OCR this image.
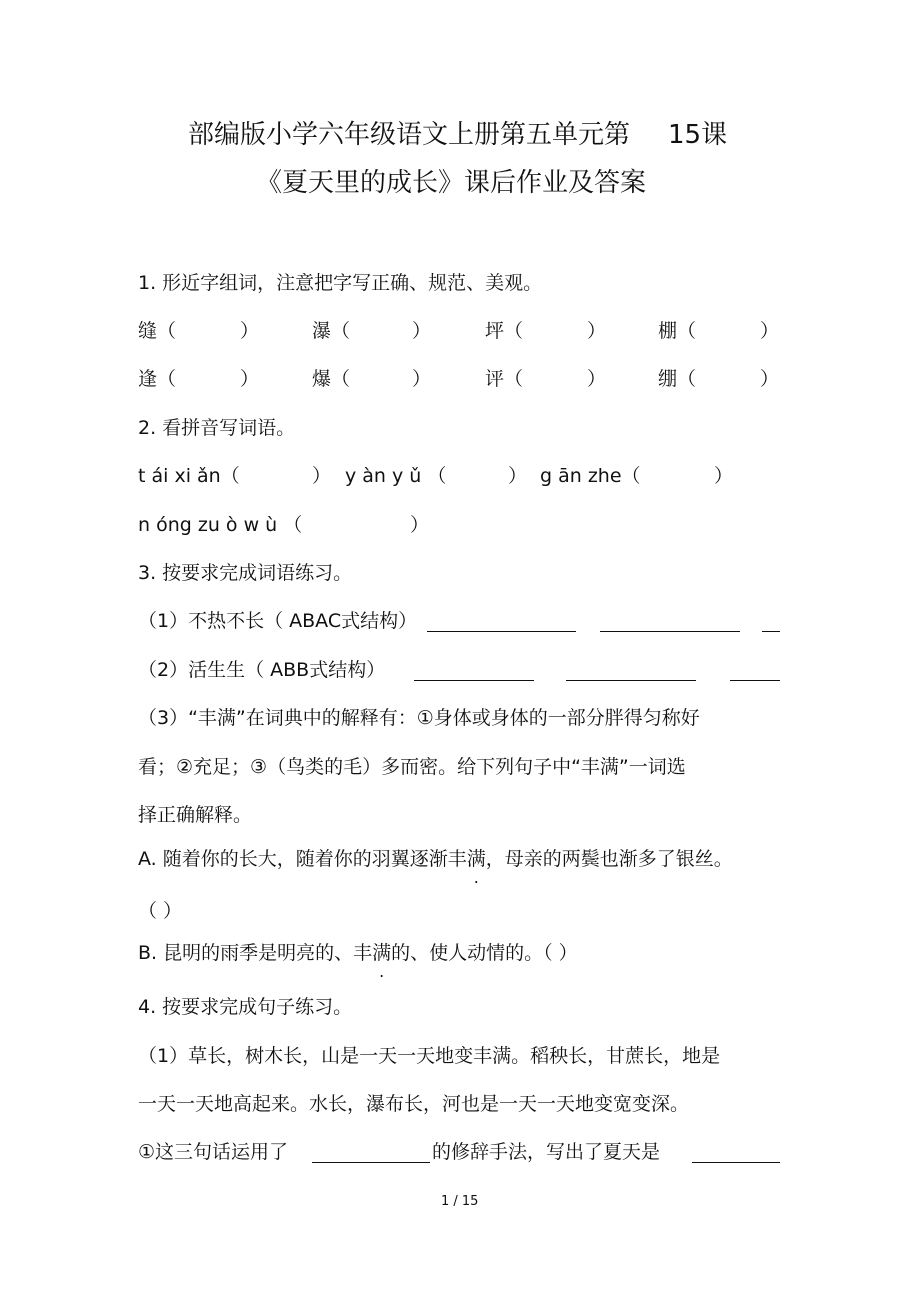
部编版小学六年级语文上册第五单元第 15课
《夏天里的成长》课后作业及答案
1. 形近字组词，注意把字写正确、规范、美观。
缝（	）	瀑（	）	坪（	）	棚（	）
逢（	）	爆（	）	评（	）	绷（	）
2. 看拼音写词语。
t ái xi ǎn（	） y àn y ǔ （	） g ān zhe（	）
n óng zu ò w ù （	）
3. 按要求完成词语练习。
（1）不热不长（ ABAC式结构）
（2）活生生（ ABB式结构）
（3）“丰满”在词典中的解释有：①身体或身体的一部分胖得匀称好
看；②充足；③（鸟类的毛）多而密。给下列句子中“丰满”一词选
择正确解释。
A. 随着你的长大，随着你的羽翼逐渐丰满，母亲的两鬓也渐多了银丝。
（ ）
B. 昆明的雨季是明亮的、丰满的、使人动情的。（ ）
4. 按要求完成句子练习。
（1）草长，树木长，山是一天一天地变丰满。稻秧长，甘蔗长，地是
一天一天地高起来。水长，瀑布长，河也是一天一天地变宽变深。
①这三句话运用了	的修辞手法，写出了夏天是
1 / 15
